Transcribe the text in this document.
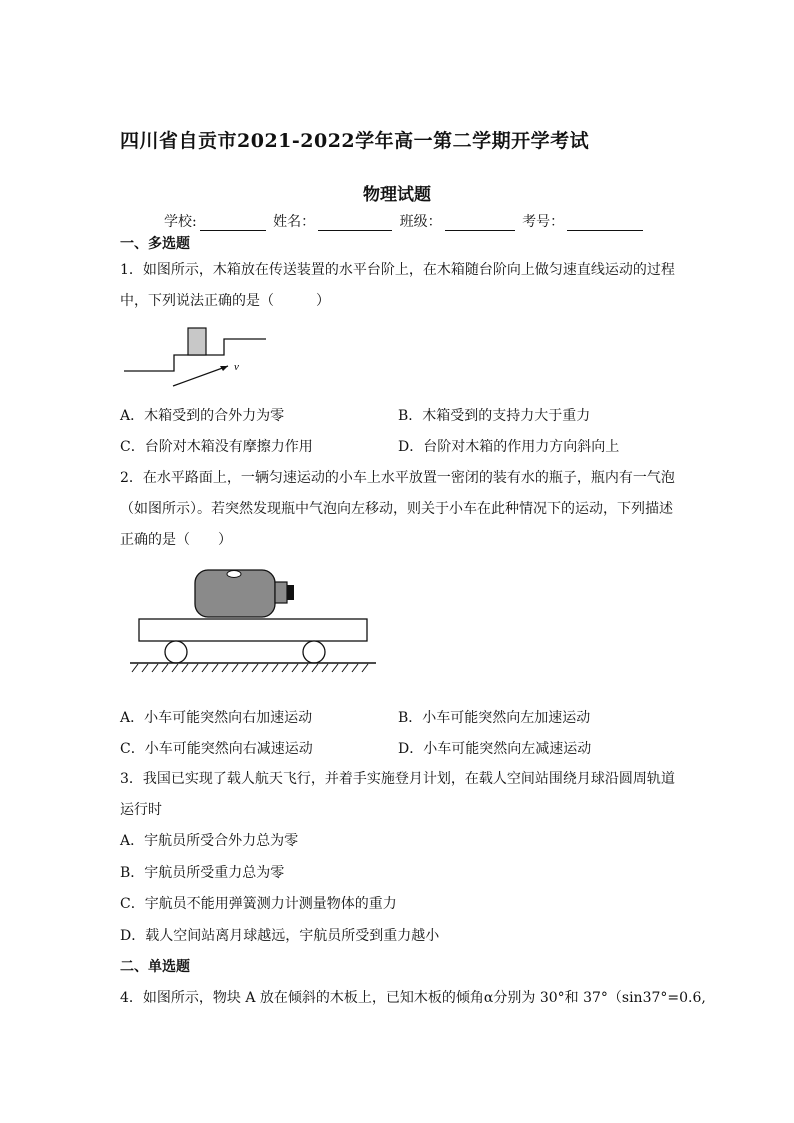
四川省自贡市2021-2022学年高一第二学期开学考试
物理试题
学校:	姓名：	班级：	考号：
一、多选题
1．如图所示，木箱放在传送装置的水平台阶上，在木箱随台阶向上做匀速直线运动的过程
中，下列说法正确的是（　　　）
v
A．木箱受到的合外力为零	B．木箱受到的支持力大于重力
C．台阶对木箱没有摩擦力作用	D．台阶对木箱的作用力方向斜向上
2．在水平路面上，一辆匀速运动的小车上水平放置一密闭的装有水的瓶子，瓶内有一气泡
（如图所示）。若突然发现瓶中气泡向左移动，则关于小车在此种情况下的运动，下列描述
正确的是（　　）
A．小车可能突然向右加速运动	B．小车可能突然向左加速运动
C．小车可能突然向右减速运动	D．小车可能突然向左减速运动
3．我国已实现了载人航天飞行，并着手实施登月计划，在载人空间站围绕月球沿圆周轨道
运行时
A．宇航员所受合外力总为零
B．宇航员所受重力总为零
C．宇航员不能用弹簧测力计测量物体的重力
D．载人空间站离月球越远，宇航员所受到重力越小
二、单选题
4．如图所示，物块 A 放在倾斜的木板上，已知木板的倾角α分别为 30°和 37°（sin37°=0.6,
